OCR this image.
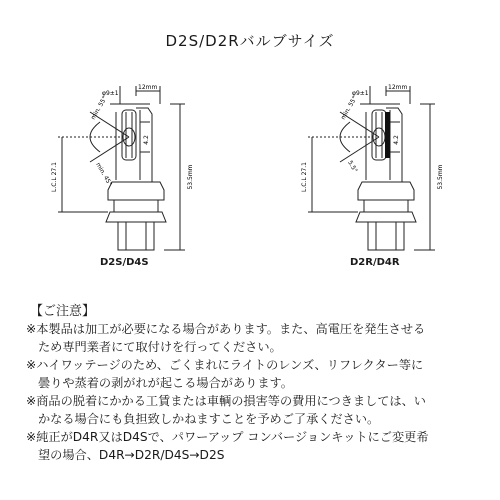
D2S/D2Rバルブサイズ
φ9±1
12mm
53.5mm
L.C.L 27.1
4.2
min. 55°
min. 45°
D2S/D4S
φ9±1
12mm
53.5mm
L.C.L 27.1
4.2
min. 55°
5.5°
D2R/D4R
【ご注意】

※本製品は加工が必要になる場合があります。また、高電圧を発生させる

ため専門業者にて取付けを行ってください。

※ハイワッテージのため、ごくまれにライトのレンズ、リフレクター等に

曇りや蒸着の剥がれが起こる場合があります。

※商品の脱着にかかる工賃または車輌の損害等の費用につきましては、い

かなる場合にも負担致しかねますことを予めご了承ください。

※純正がD4R又はD4Sで、パワーアップ コンバージョンキットにご変更希

望の場合、D4R→D2R/D4S→D2S
